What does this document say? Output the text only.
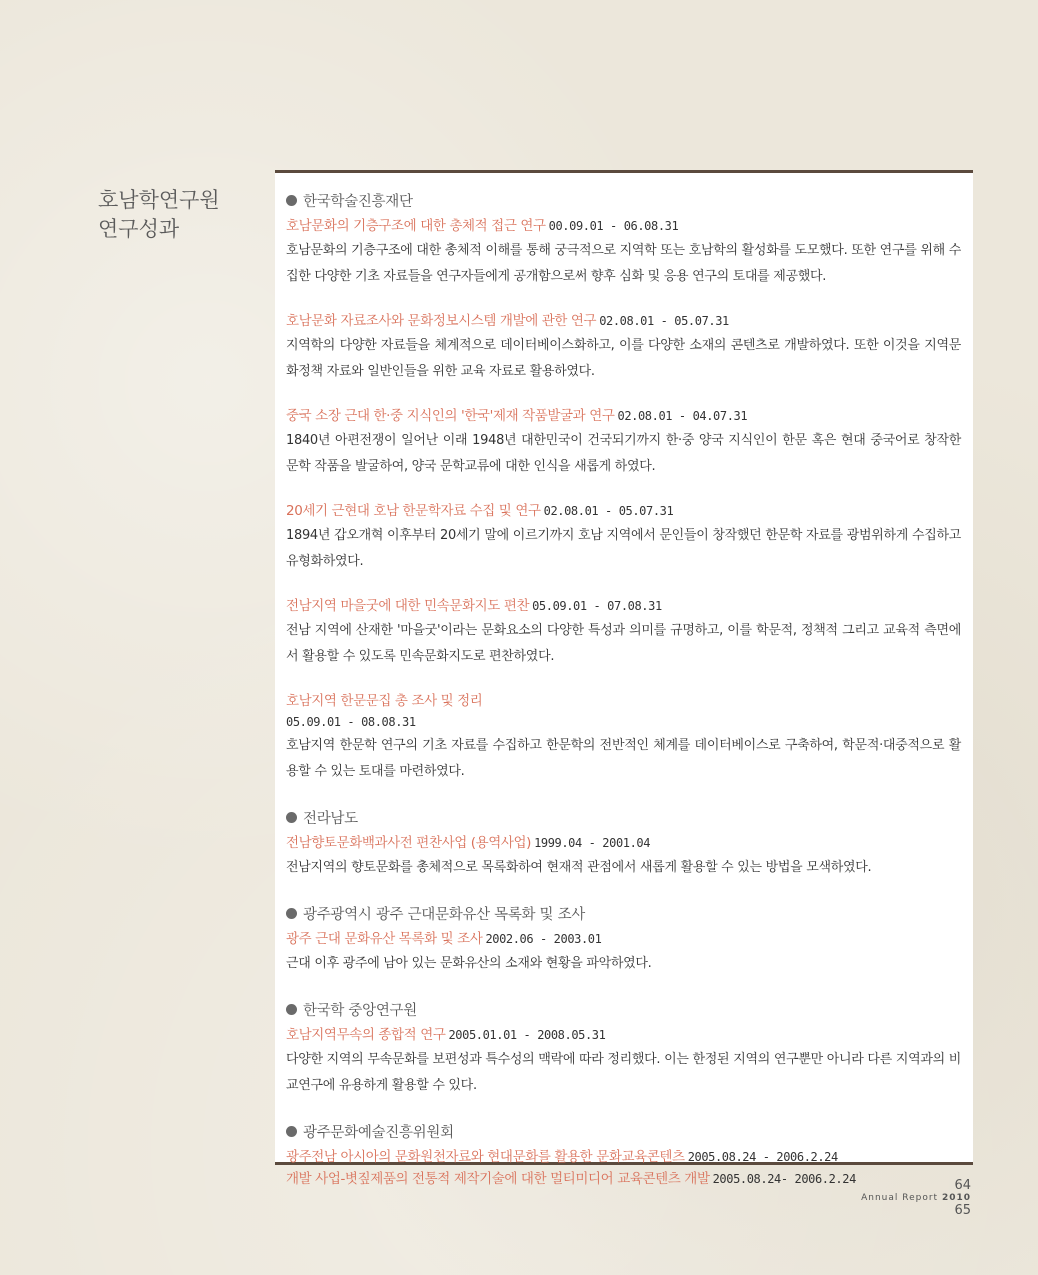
호남학연구원
연구성과
한국학술진흥재단
호남문화의 기층구조에 대한 총체적 접근 연구 00.09.01 - 06.08.31

호남문화의 기층구조에 대한 총체적 이해를 통해 궁극적으로 지역학 또는 호남학의 활성화를 도모했다. 또한 연구를 위해 수집한 다양한 기초 자료들을 연구자들에게 공개함으로써 향후 심화 및 응용 연구의 토대를 제공했다.

호남문화 자료조사와 문화정보시스템 개발에 관한 연구 02.08.01 - 05.07.31

지역학의 다양한 자료들을 체계적으로 데이터베이스화하고, 이를 다양한 소재의 콘텐츠로 개발하였다. 또한 이것을 지역문화정책 자료와 일반인들을 위한 교육 자료로 활용하였다.

중국 소장 근대 한·중 지식인의 '한국'제재 작품발굴과 연구 02.08.01 - 04.07.31

1840년 아편전쟁이 일어난 이래 1948년 대한민국이 건국되기까지 한·중 양국 지식인이 한문 혹은 현대 중국어로 창작한 문학 작품을 발굴하여, 양국 문학교류에 대한 인식을 새롭게 하였다.

20세기 근현대 호남 한문학자료 수집 및 연구 02.08.01 - 05.07.31

1894년 갑오개혁 이후부터 20세기 말에 이르기까지 호남 지역에서 문인들이 창작했던 한문학 자료를 광범위하게 수집하고 유형화하였다.

전남지역 마을굿에 대한 민속문화지도 편찬 05.09.01 - 07.08.31

전남 지역에 산재한 '마을굿'이라는 문화요소의 다양한 특성과 의미를 규명하고, 이를 학문적, 정책적 그리고 교육적 측면에서 활용할 수 있도록 민속문화지도로 편찬하였다.

호남지역 한문문집 총 조사 및 정리
05.09.01 - 08.08.31

호남지역 한문학 연구의 기초 자료를 수집하고 한문학의 전반적인 체계를 데이터베이스로 구축하여, 학문적·대중적으로 활용할 수 있는 토대를 마련하였다.

전라남도
전남향토문화백과사전 편찬사업 (용역사업) 1999.04 - 2001.04

전남지역의 향토문화를 총체적으로 목록화하여 현재적 관점에서 새롭게 활용할 수 있는 방법을 모색하였다.

광주광역시 광주 근대문화유산 목록화 및 조사
광주 근대 문화유산 목록화 및 조사 2002.06 - 2003.01

근대 이후 광주에 남아 있는 문화유산의 소재와 현황을 파악하였다.

한국학 중앙연구원
호남지역무속의 종합적 연구 2005.01.01 - 2008.05.31

다양한 지역의 무속문화를 보편성과 특수성의 맥락에 따라 정리했다. 이는 한정된 지역의 연구뿐만 아니라 다른 지역과의 비교연구에 유용하게 활용할 수 있다.

광주문화예술진흥위원회
광주전남 아시아의 문화원천자료와 현대문화를 활용한 문화교육콘텐츠 2005.08.24 - 2006.2.24
개발 사업-볏짚제품의 전통적 제작기술에 대한 멀티미디어 교육콘텐츠 개발 2005.08.24- 2006.2.24	64
Annual Report 2010
65
